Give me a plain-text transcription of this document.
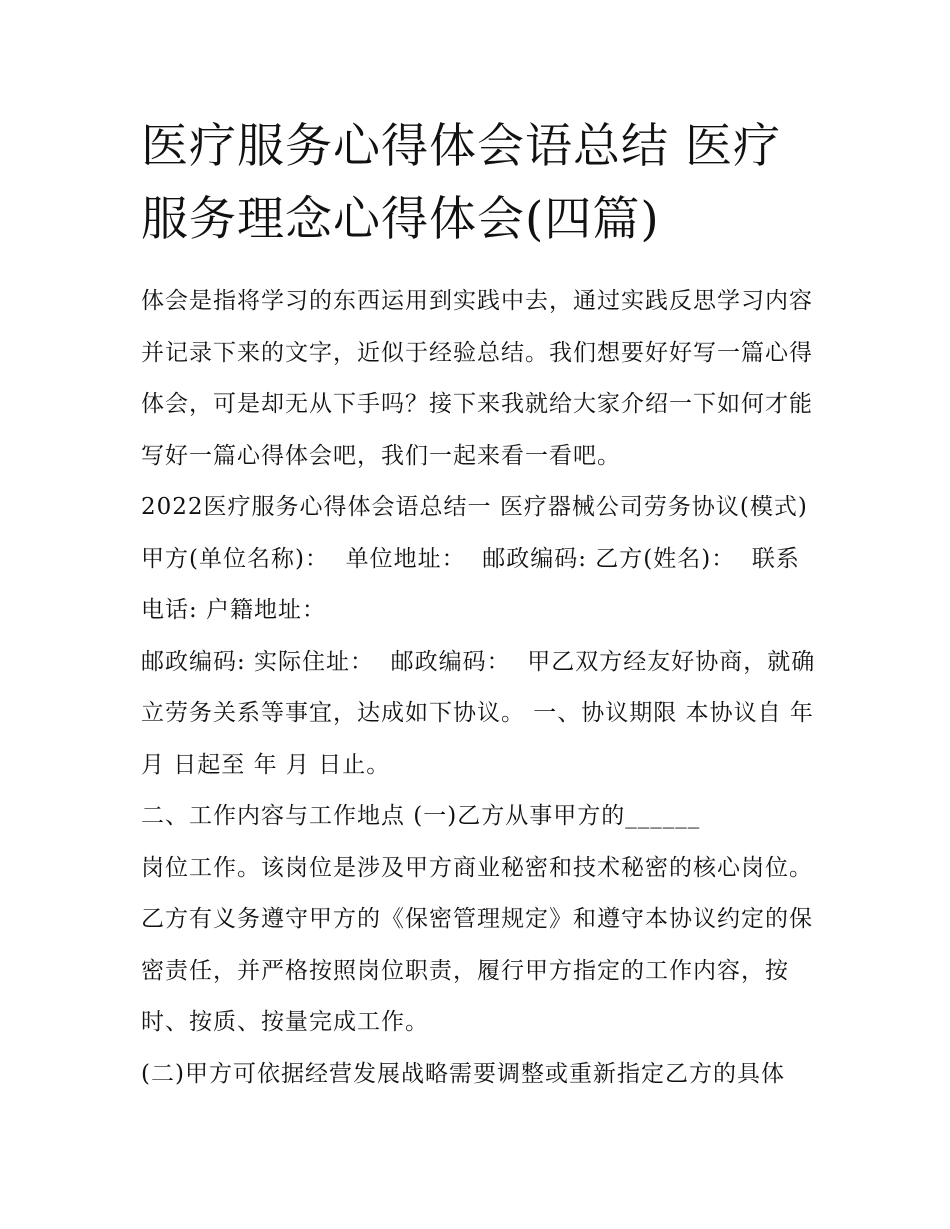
医疗服务心得体会语总结 医疗服务理念心得体会(四篇)

体会是指将学习的东西运用到实践中去，通过实践反思学习内容并记录下来的文字，近似于经验总结。我们想要好好写一篇心得体会，可是却无从下手吗？接下来我就给大家介绍一下如何才能写好一篇心得体会吧，我们一起来看一看吧。

2022医疗服务心得体会语总结一 医疗器械公司劳务协议(模式) 甲方(单位名称)：  单位地址：  邮政编码: 乙方(姓名)：  联系电话: 户籍地址：

邮政编码: 实际住址：  邮政编码：  甲乙双方经友好协商，就确立劳务关系等事宜，达成如下协议。 一、协议期限 本协议自 年 月 日起至 年 月 日止。

二、工作内容与工作地点 (一)乙方从事甲方的______

岗位工作。该岗位是涉及甲方商业秘密和技术秘密的核心岗位。乙方有义务遵守甲方的《保密管理规定》和遵守本协议约定的保密责任，并严格按照岗位职责，履行甲方指定的工作内容，按时、按质、按量完成工作。

(二)甲方可依据经营发展战略需要调整或重新指定乙方的具体
